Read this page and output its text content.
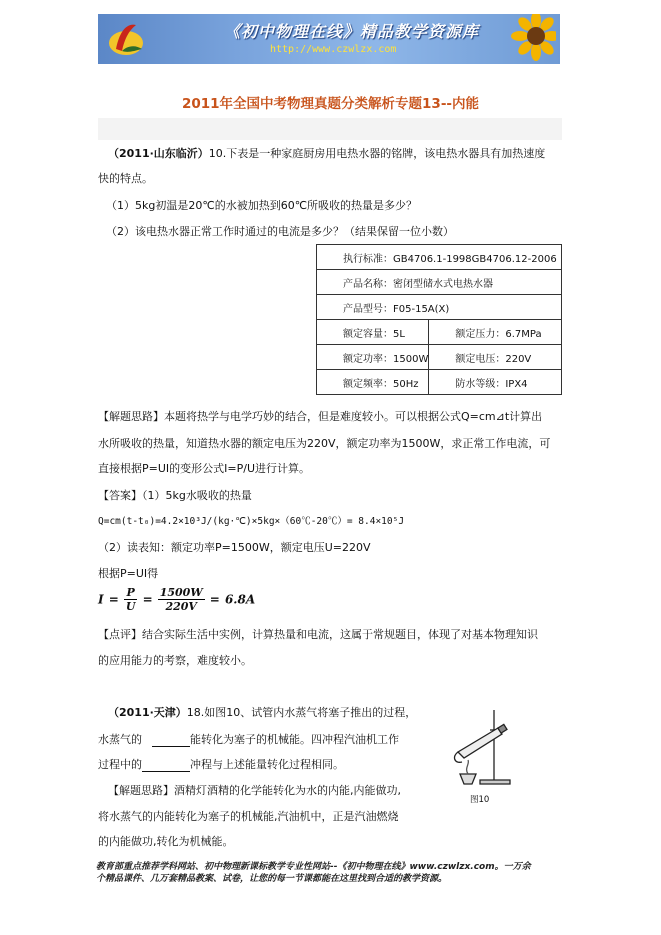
《初中物理在线》精品教学资源库
http://www.czwlzx.com
2011年全国中考物理真题分类解析专题13--内能
（2011·山东临沂）10.下表是一种家庭厨房用电热水器的铭牌，该电热水器具有加热速度
快的特点。
（1）5kg初温是20℃的水被加热到60℃所吸收的热量是多少？
（2）该电热水器正常工作时通过的电流是多少？（结果保留一位小数）
执行标准：GB4706.1-1998GB4706.12-2006	
产品名称：密闭型储水式电热水器	
产品型号：F05-15A(X)	
额定容量：5L	额定压力：6.7MPa
额定功率：1500W	额定电压：220V
额定频率：50Hz	防水等级：IPX4
【解题思路】本题将热学与电学巧妙的结合，但是难度较小。可以根据公式Q=cm⊿t计算出
水所吸收的热量，知道热水器的额定电压为220V，额定功率为1500W，求正常工作电流，可
直接根据P=UI的变形公式I=P/U进行计算。
【答案】（1）5kg水吸收的热量
Q=cm(t-t₀)=4.2×10³J/(kg·℃)×5kg×（60℃-20℃）= 8.4×10⁵J
（2）读表知：额定功率P=1500W，额定电压U=220V
根据P=UI得
$I = \frac{P}{U} = \frac{1500W}{220V} = 6.8A$
【点评】结合实际生活中实例，计算热量和电流，这属于常规题目，体现了对基本物理知识
的应用能力的考察，难度较小。
（2011·天津）18.如图10、试管内水蒸气将塞子推出的过程，
水蒸气的	能转化为塞子的机械能。四冲程汽油机工作
过程中的	冲程与上述能量转化过程相同。
【解题思路】酒精灯酒精的化学能转化为水的内能,内能做功,
将水蒸气的内能转化为塞子的机械能,汽油机中，正是汽油燃烧
的内能做功,转化为机械能。
图10
教育部重点推荐学科网站、初中物理新课标教学专业性网站--《初中物理在线》www.czwlzx.com。一万余
个精品课件、几万套精品教案、试卷，让您的每一节课都能在这里找到合适的教学资源。
